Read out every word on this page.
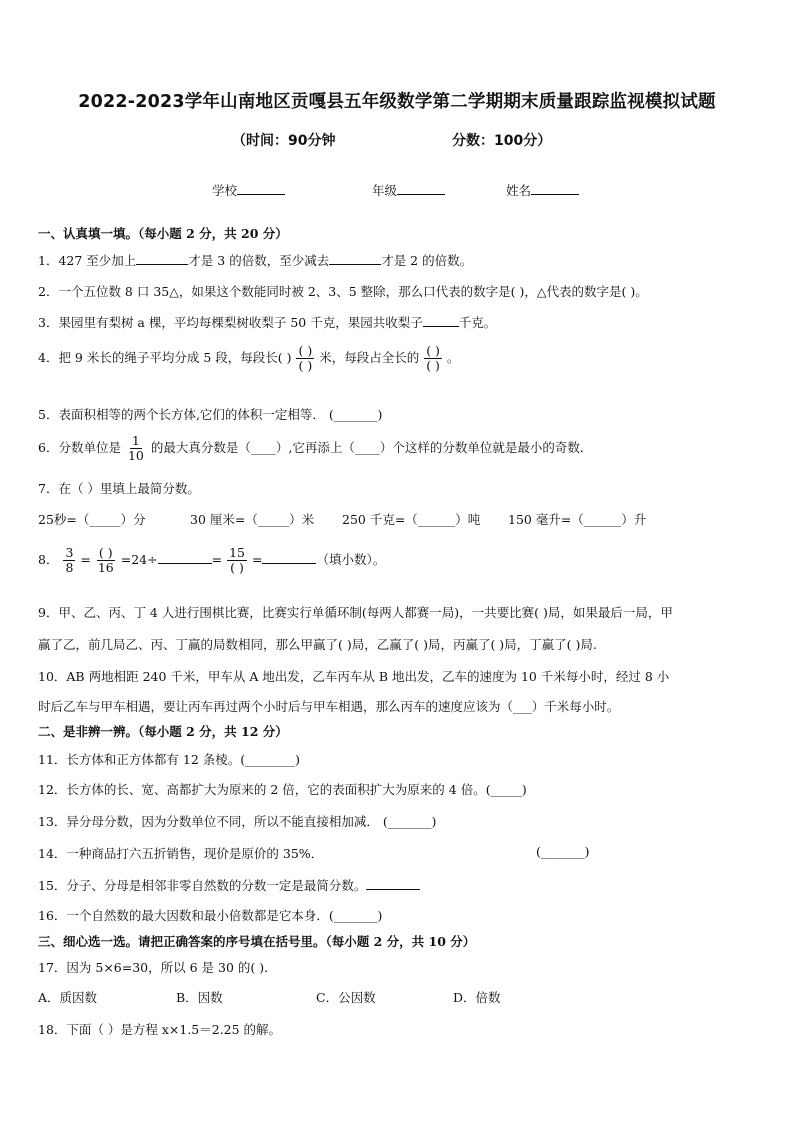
2022-2023学年山南地区贡嘎县五年级数学第二学期期末质量跟踪监视模拟试题
（时间：90分钟	分数：100分）
学校	年级	姓名
一、认真填一填。（每小题 2 分，共 20 分）
1．427 至少加上	才是 3 的倍数，至少减去	才是 2 的倍数。
2．一个五位数 8 口 35△，如果这个数能同时被 2、3、5 整除，那么口代表的数字是( )，△代表的数字是( )。
3．果园里有梨树 a 棵，平均每棵梨树收梨子 50 千克，果园共收梨子	千克。
4．把 9 米长的绳子平均分成 5 段，每段长( ) ( )
( )
米，每段占全长的 ( )
( )
。
5．表面积相等的两个长方体,它们的体积一定相等． (_______)
6．分数单位是 $\frac{1}{10}$ 的最大真分数是（____）,它再添上（____）个这样的分数单位就是最小的奇数．
7．在（ ）里填上最简分数。
25秒=（_____）分	30 厘米=（_____）米 250 千克=（______）吨 150 毫升=（______）升
8． $\frac{3}{8}$ = ( )
16
=24÷	= 15
( )
=	（填小数）。
9．甲、乙、丙、丁 4 人进行围棋比赛，比赛实行单循环制(每两人都赛一局)，一共要比赛( )局，如果最后一局，甲
赢了乙，前几局乙、丙、丁赢的局数相同，那么甲赢了( )局，乙赢了( )局，丙赢了( )局，丁赢了( )局.
10．AB 两地相距 240 千米，甲车从 A 地出发，乙车丙车从 B 地出发，乙车的速度为 10 千米每小时，经过 8 小
时后乙车与甲车相遇，要让丙车再过两个小时后与甲车相遇，那么丙车的速度应该为（___）千米每小时。
二、是非辨一辨。（每小题 2 分，共 12 分）
11．长方体和正方体都有 12 条棱。(________)
12．长方体的长、宽、高都扩大为原来的 2 倍，它的表面积扩大为原来的 4 倍。(_____)
13．异分母分数，因为分数单位不同，所以不能直接相加减． (_______)
14．一种商品打六五折销售，现价是原价的 35%．	(_______)
15．分子、分母是相邻非零自然数的分数一定是最简分数。
16．一个自然数的最大因数和最小倍数都是它本身．(_______)
三、细心选一选。请把正确答案的序号填在括号里。（每小题 2 分，共 10 分）
17．因为 5×6=30，所以 6 是 30 的( )．
A．质因数	B．因数	C．公因数	D．倍数
18．下面（ ）是方程 x×1.5＝2.25 的解。
